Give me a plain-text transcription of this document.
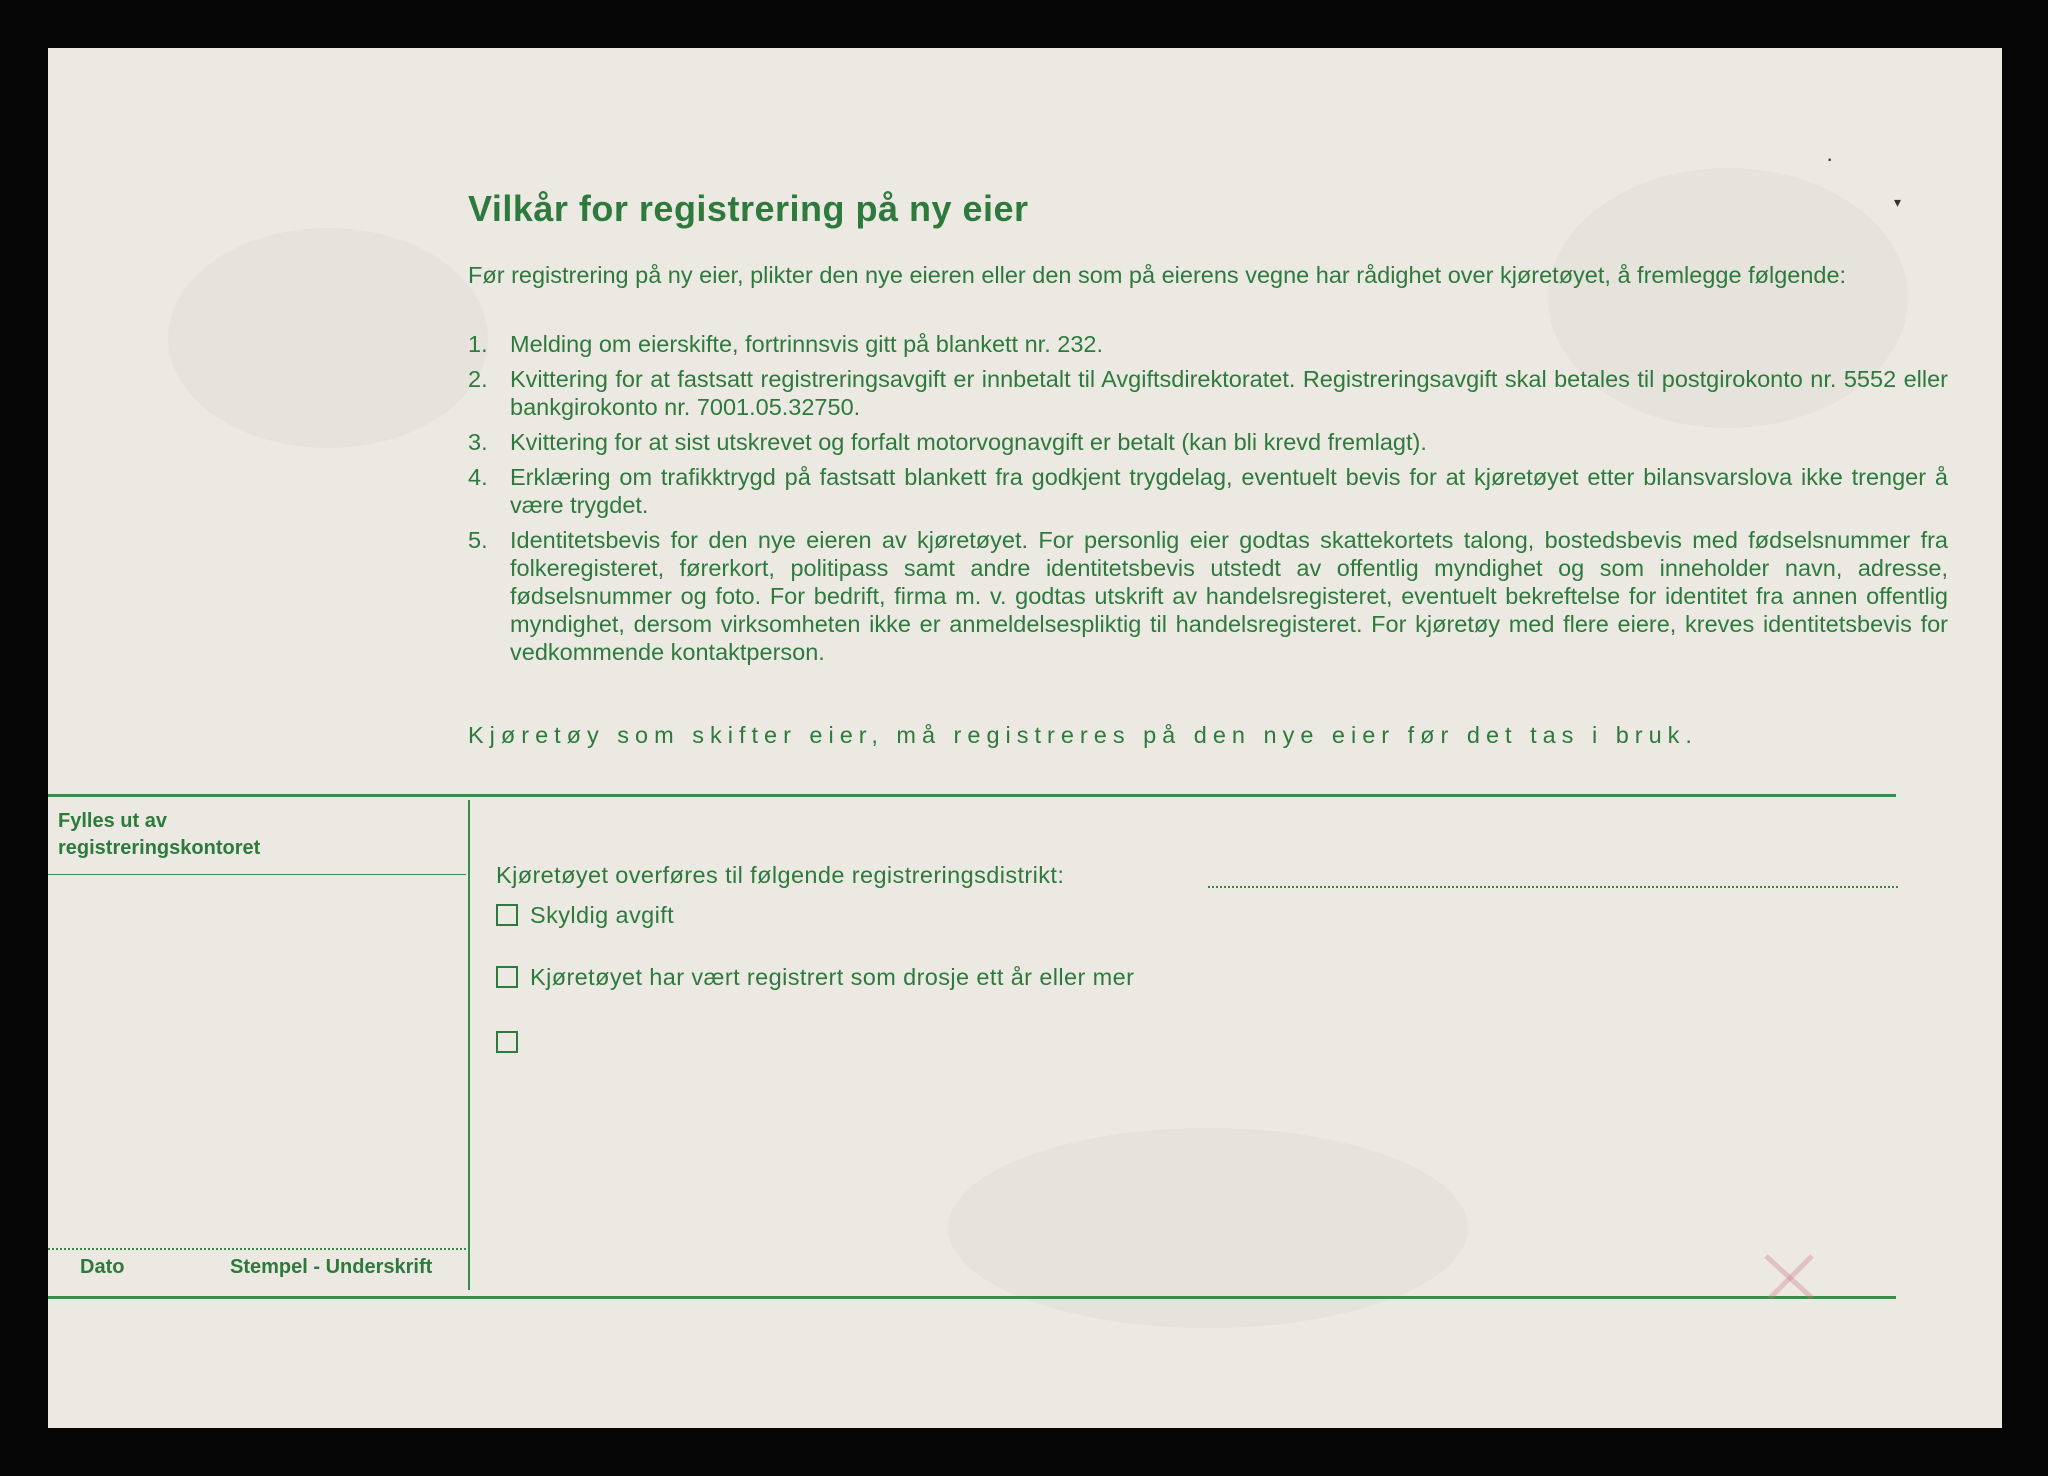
Vilkår for registrering på ny eier

Før registrering på ny eier, plikter den nye eieren eller den som på eierens vegne har rådighet over kjøretøyet, å fremlegge følgende:

1. Melding om eierskifte, fortrinnsvis gitt på blankett nr. 232.
2. Kvittering for at fastsatt registreringsavgift er innbetalt til Avgiftsdirektoratet. Registreringsavgift skal betales til postgirokonto nr. 5552 eller bankgirokonto nr. 7001.05.32750.
3. Kvittering for at sist utskrevet og forfalt motorvognavgift er betalt (kan bli krevd fremlagt).
4. Erklæring om trafikktrygd på fastsatt blankett fra godkjent trygdelag, eventuelt bevis for at kjøretøyet etter bilansvarslova ikke trenger å være trygdet.
5. Identitetsbevis for den nye eieren av kjøretøyet. For personlig eier godtas skattekortets talong, bostedsbevis med fødselsnummer fra folkeregisteret, førerkort, politipass samt andre identitetsbevis utstedt av offentlig myndighet og som inneholder navn, adresse, fødselsnummer og foto. For bedrift, firma m. v. godtas utskrift av handelsregisteret, eventuelt bekreftelse for identitet fra annen offentlig myndighet, dersom virksomheten ikke er anmeldelsespliktig til handelsregisteret. For kjøretøy med flere eiere, kreves identitetsbevis for vedkommende kontaktperson.

Kjøretøy som skifter eier, må registreres på den nye eier før det tas i bruk.

Fylles ut av
registreringskontoret
Dato	Stempel - Underskrift
Kjøretøyet overføres til følgende registreringsdistrikt:
Skyldig avgift
Kjøretøyet har vært registrert som drosje ett år eller mer
·
▾
